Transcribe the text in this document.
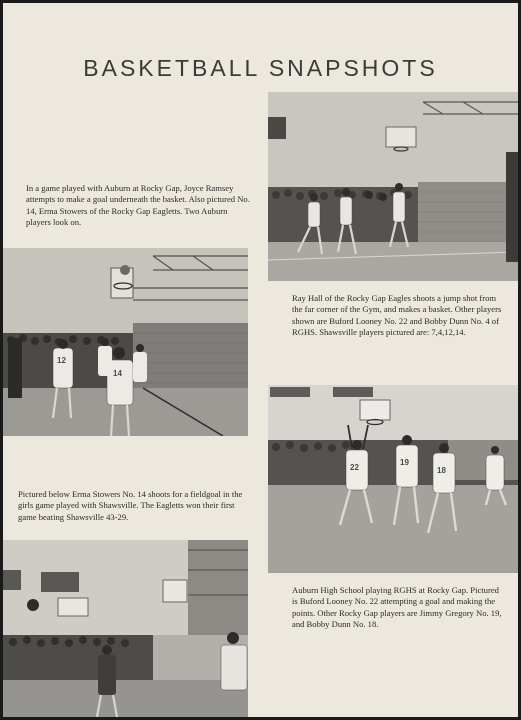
BASKETBALL SNAPSHOTS

In a game played with Auburn at Rocky Gap, Joyce Ramsey attempts to make a goal underneath the basket. Also pictured No. 14, Erma Stowers of the Rocky Gap Eagletts. Two Auburn players look on.

12
14

Ray Hall of the Rocky Gap Eagles shoots a jump shot from the far corner of the Gym, and makes a basket. Other players shown are Buford Looney No. 22 and Bobby Dunn No. 4 of RGHS. Shawsville players pictured are: 7,4,12,14.

22
19
18

Pictured below Erma Stowers No. 14 shoots for a fieldgoal in the girls game played with Shawsville. The Eagletts won their first game beating Shawsville 43-29.

Auburn High School playing RGHS at Rocky Gap. Pictured is Buford Looney No. 22 attempting a goal and making the points. Other Rocky Gap players are Jimmy Gregory No. 19, and Bobby Dunn No. 18.
